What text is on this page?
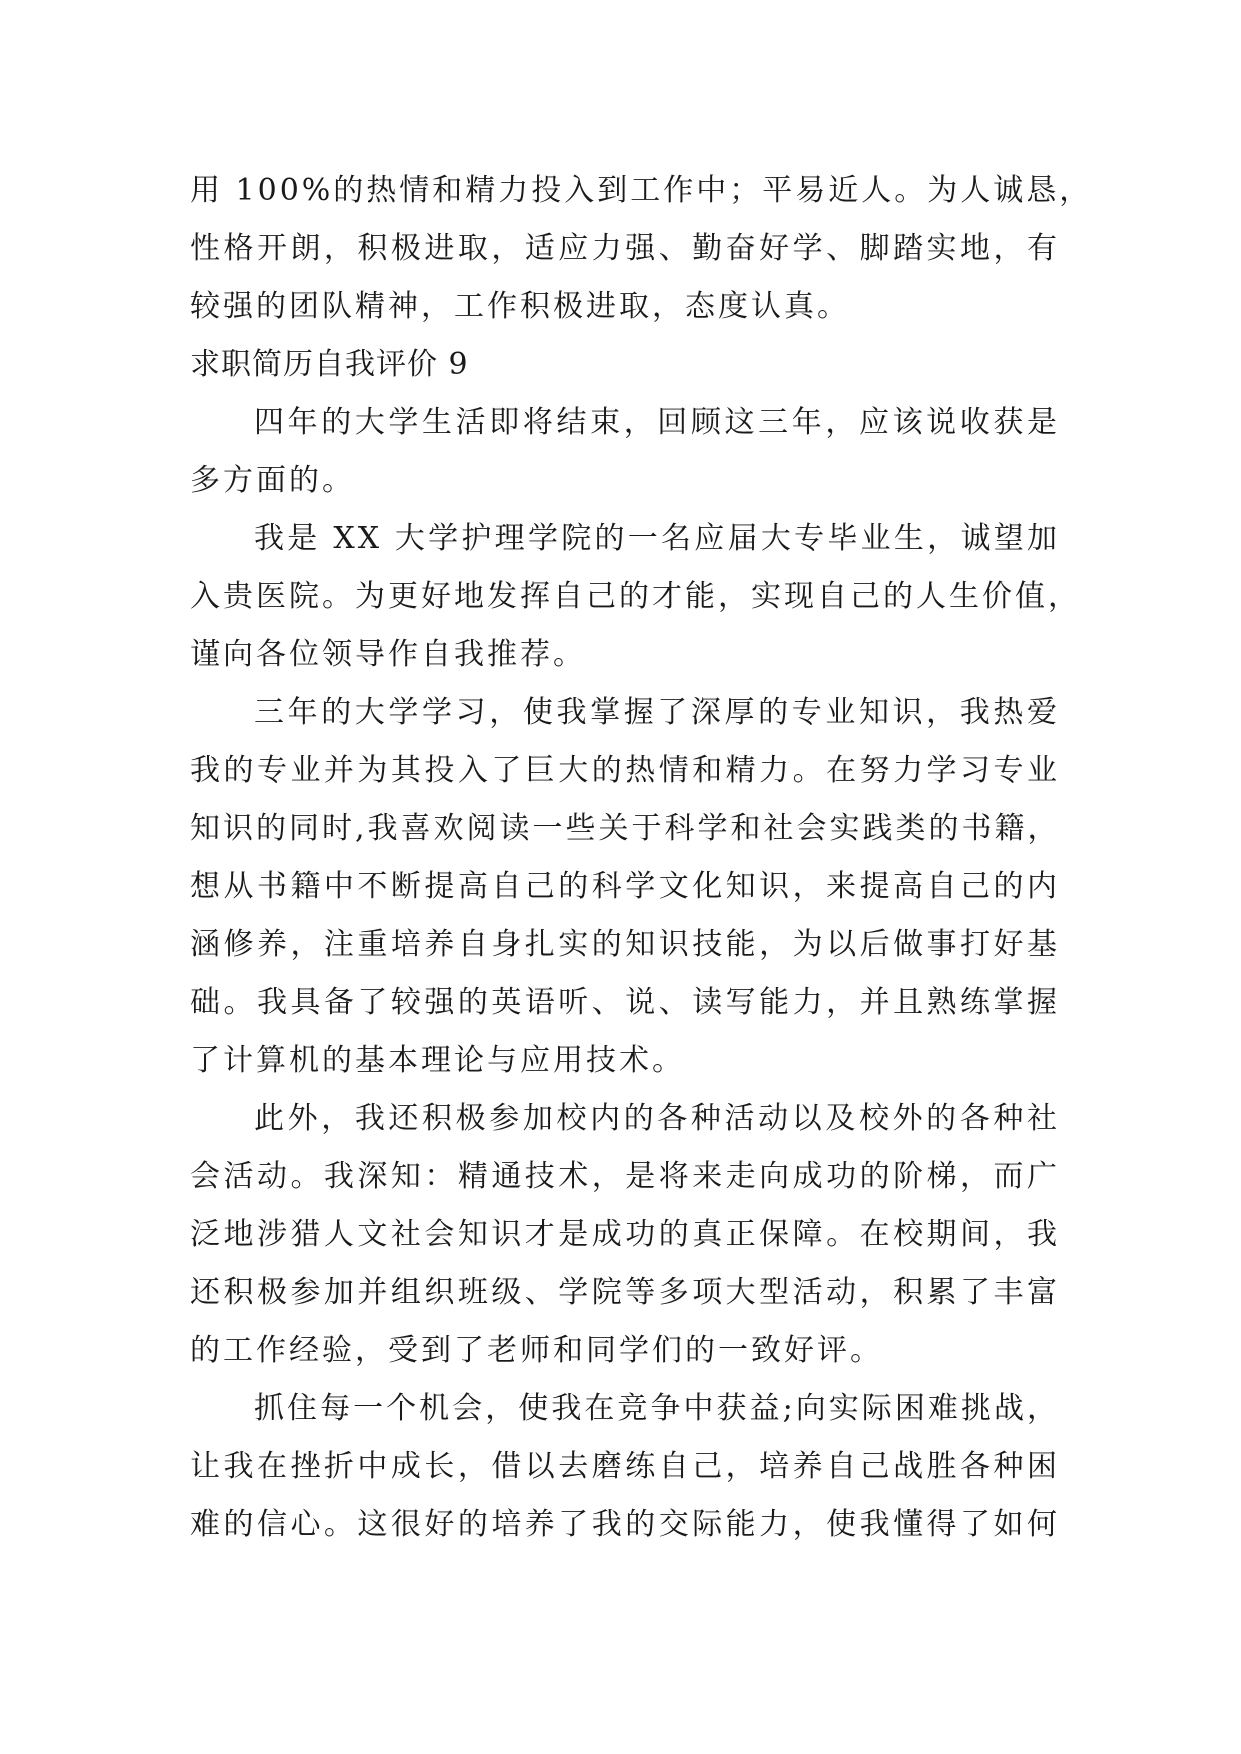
用 100%的热情和精力投入到工作中；平易近人。为人诚恳，
性格开朗，积极进取，适应力强、勤奋好学、脚踏实地，有
较强的团队精神，工作积极进取，态度认真。
求职简历自我评价 9
四年的大学生活即将结束，回顾这三年，应该说收获是
多方面的。
我是 XX 大学护理学院的一名应届大专毕业生，诚望加
入贵医院。为更好地发挥自己的才能，实现自己的人生价值，
谨向各位领导作自我推荐。
三年的大学学习，使我掌握了深厚的专业知识，我热爱
我的专业并为其投入了巨大的热情和精力。在努力学习专业
知识的同时,我喜欢阅读一些关于科学和社会实践类的书籍，
想从书籍中不断提高自己的科学文化知识，来提高自己的内
涵修养，注重培养自身扎实的知识技能，为以后做事打好基
础。我具备了较强的英语听、说、读写能力，并且熟练掌握
了计算机的基本理论与应用技术。
此外，我还积极参加校内的各种活动以及校外的各种社
会活动。我深知：精通技术，是将来走向成功的阶梯，而广
泛地涉猎人文社会知识才是成功的真正保障。在校期间，我
还积极参加并组织班级、学院等多项大型活动，积累了丰富
的工作经验，受到了老师和同学们的一致好评。
抓住每一个机会，使我在竞争中获益;向实际困难挑战，
让我在挫折中成长，借以去磨练自己，培养自己战胜各种困
难的信心。这很好的培养了我的交际能力，使我懂得了如何
